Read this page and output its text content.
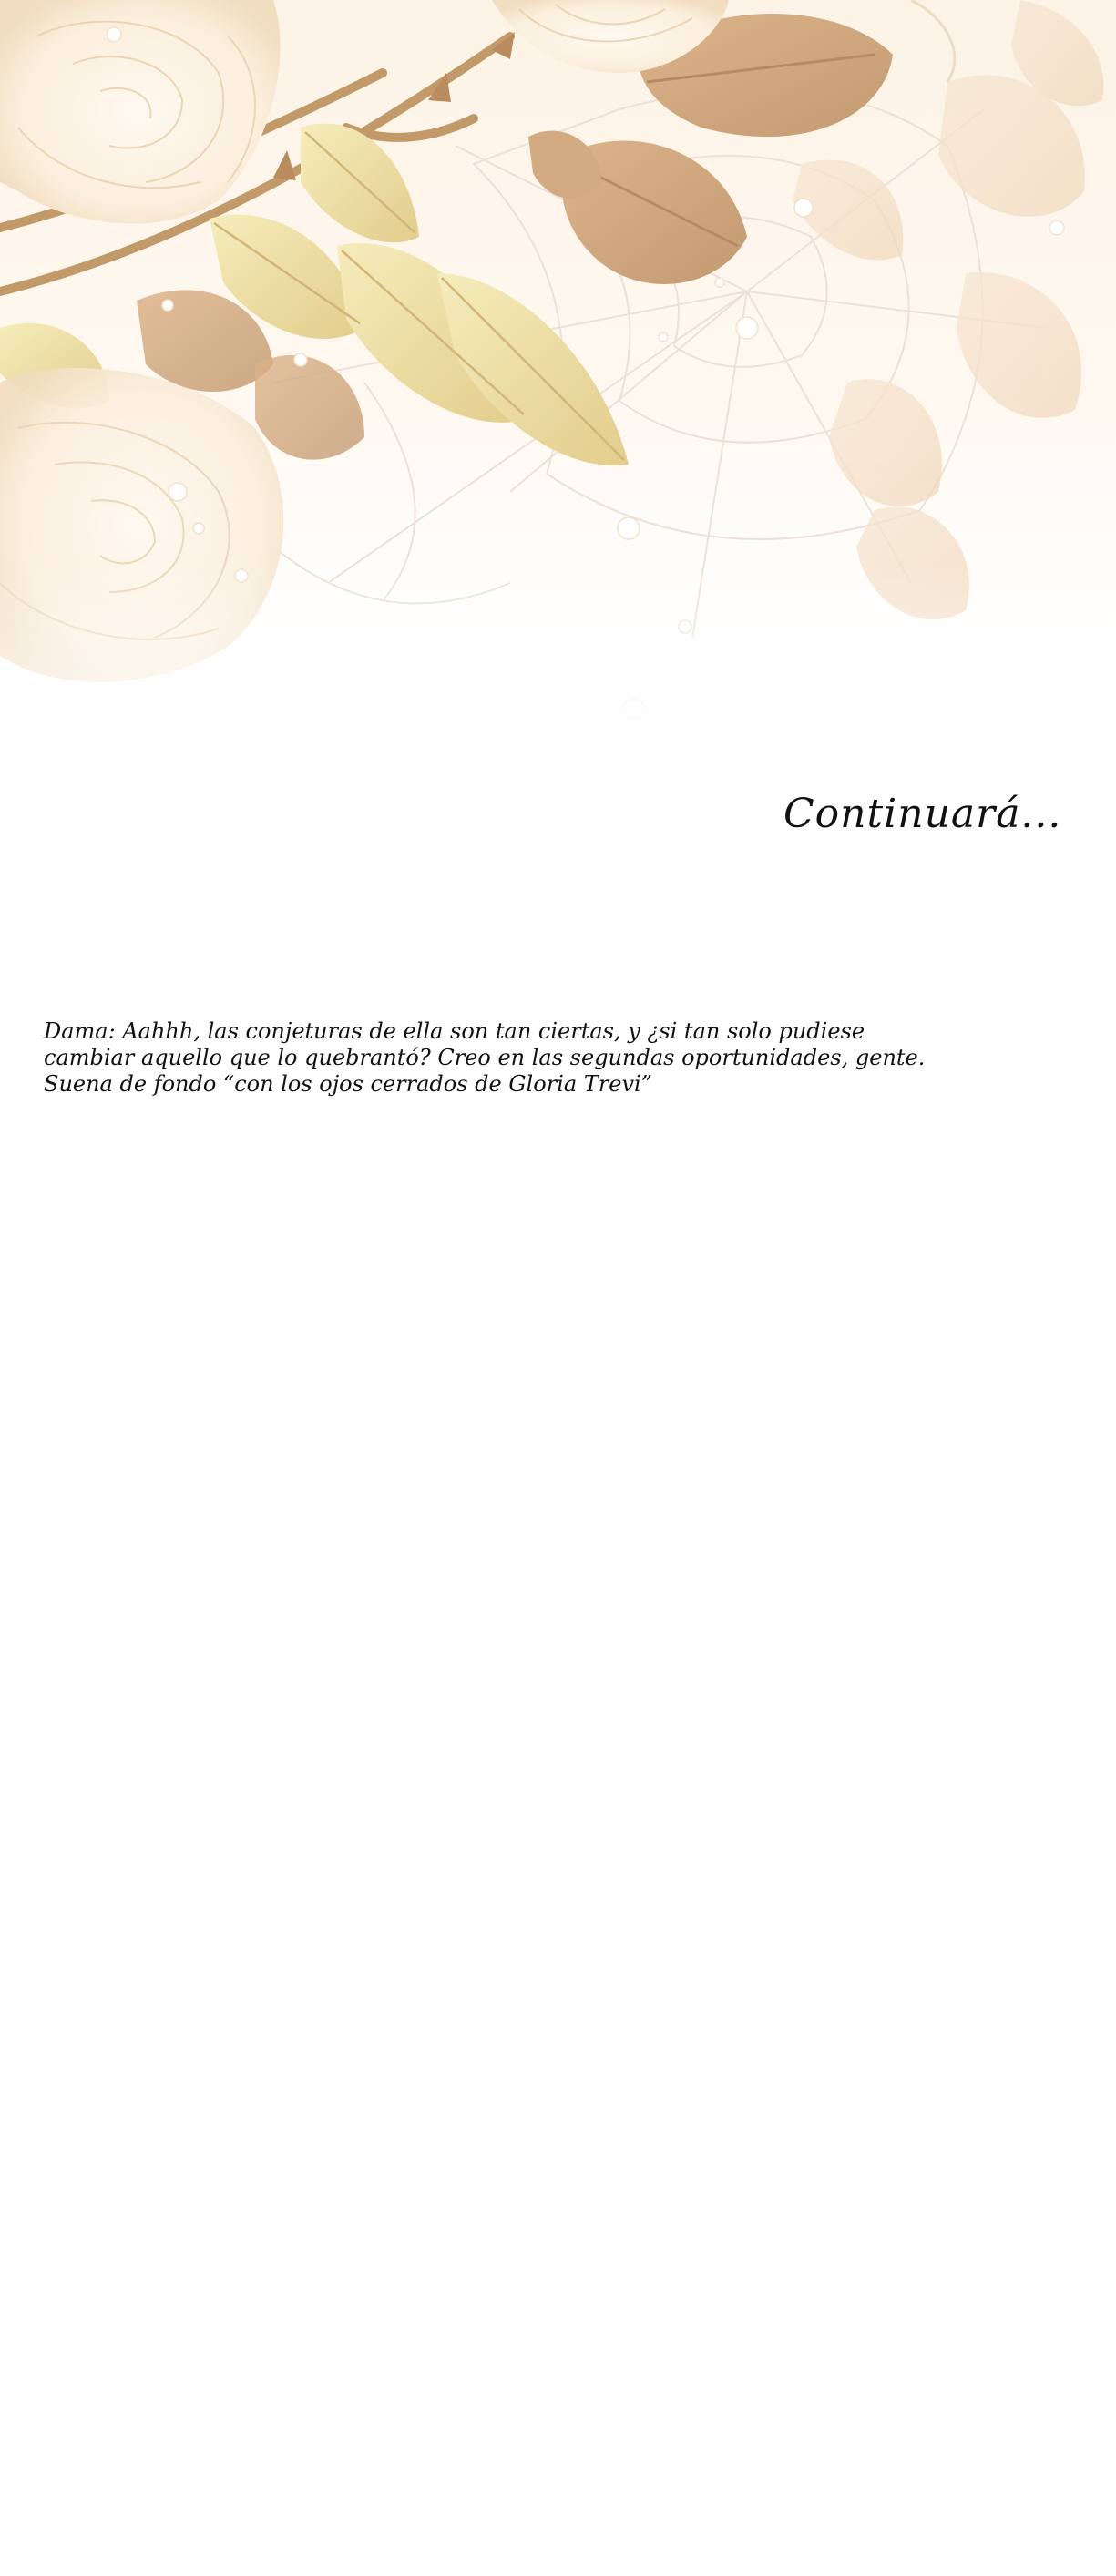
Continuará...
Dama: Aahhh, las conjeturas de ella son tan ciertas, y ¿si tan solo pudiese
cambiar aquello que lo quebrantó? Creo en las segundas oportunidades, gente.
Suena de fondo “con los ojos cerrados de Gloria Trevi”
